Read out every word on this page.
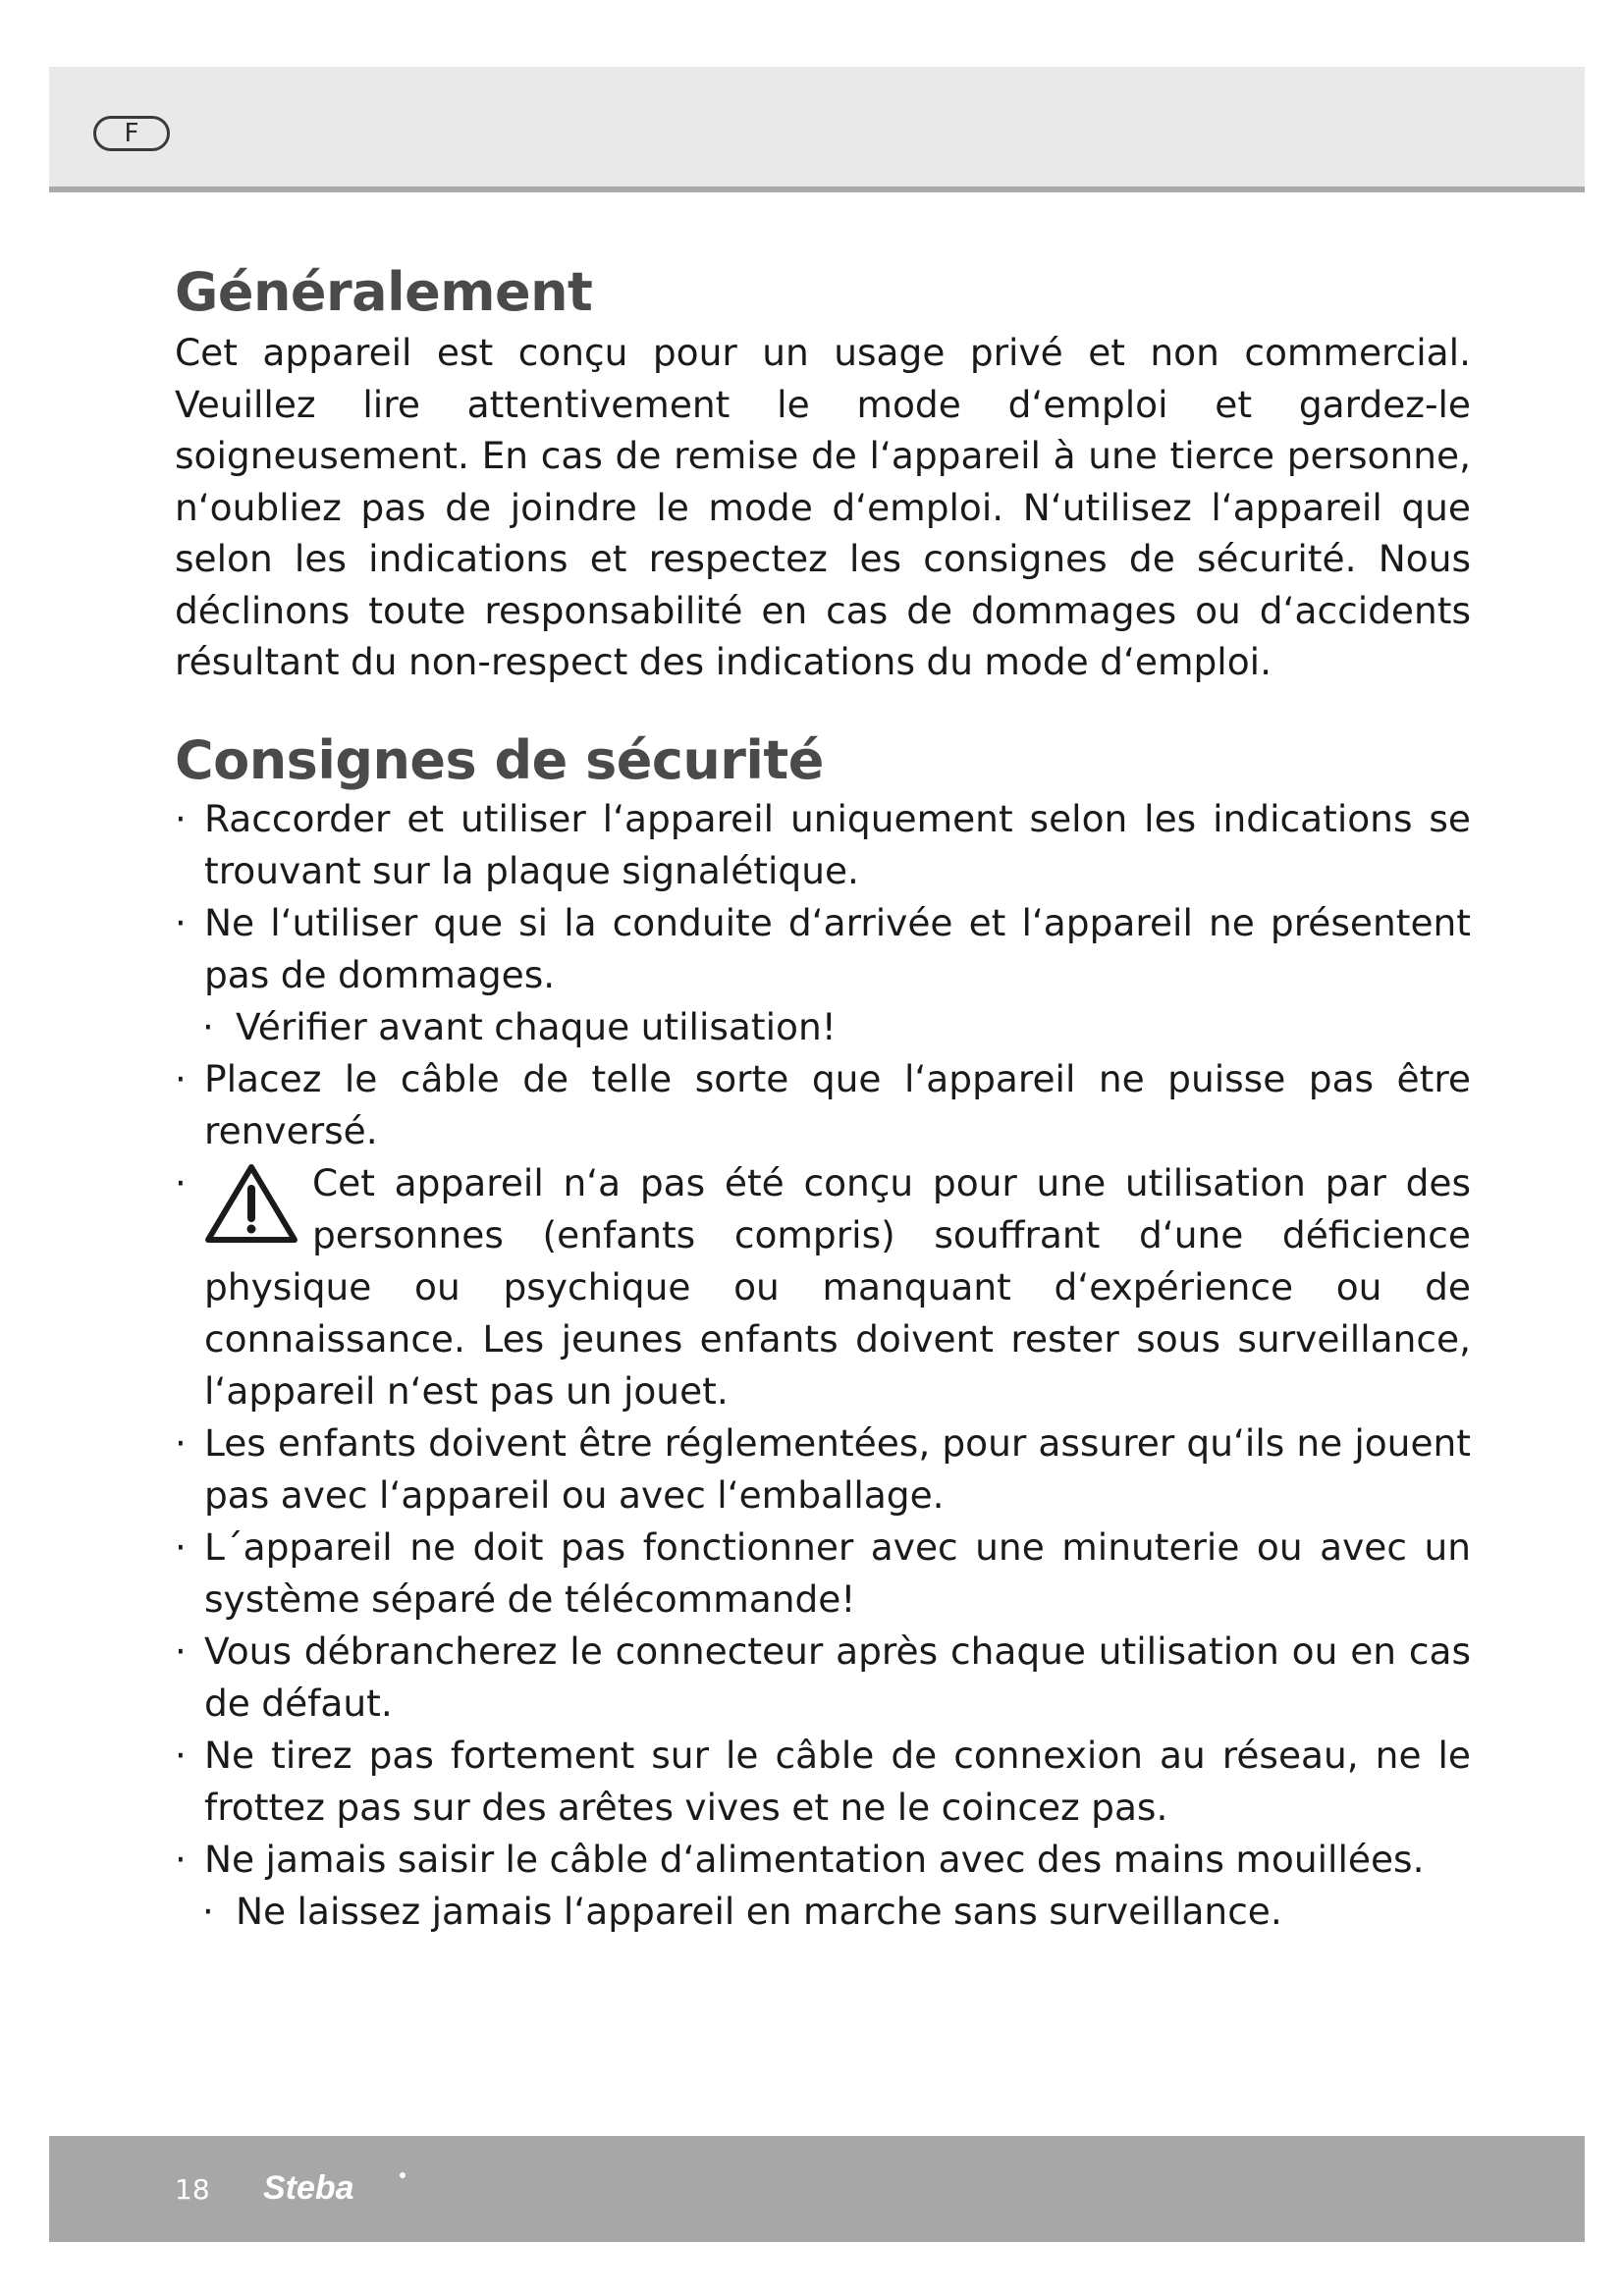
F
Généralement

Cet appareil est conçu pour un usage privé et non commercial. Veuillez lire attentivement le mode d‘emploi et gardez-le soigneusement. En cas de remise de l‘appareil à une tierce personne, n‘oubliez pas de joindre le mode d‘emploi. N‘utilisez l‘appareil que selon les indications et respectez les consignes de sécurité. Nous déclinons toute responsabilité en cas de dommages ou d‘accidents résultant du non-respect des indications du mode d‘emploi.

Consignes de sécurité
· Raccorder et utiliser l‘appareil uniquement selon les indications se trouvant sur la plaque signalétique.
· Ne l‘utiliser que si la conduite d‘arrivée et l‘appareil ne présentent pas de dommages.
· Vérifier avant chaque utilisation!
· Placez le câble de telle sorte que l‘appareil ne puisse pas être renversé.
· Cet appareil n‘a pas été conçu pour une utilisation par des personnes (enfants compris) souffrant d‘une déficience physique ou psychique ou manquant d‘expérience ou de connaissance. Les jeunes enfants doivent rester sous surveillance, l‘appareil n‘est pas un jouet.
· Les enfants doivent être réglementées, pour assurer qu‘ils ne jouent pas avec l‘appareil ou avec l‘emballage.
· L´appareil ne doit pas fonctionner avec une minuterie ou avec un système séparé de télécommande!
· Vous débrancherez le connecteur après chaque utilisation ou en cas de défaut.
· Ne tirez pas fortement sur le câble de connexion au réseau, ne le frottez pas sur des arêtes vives et ne le coincez pas.
· Ne jamais saisir le câble d‘alimentation avec des mains mouillées.
· Ne laissez jamais l‘appareil en marche sans surveillance.
18 Steba
